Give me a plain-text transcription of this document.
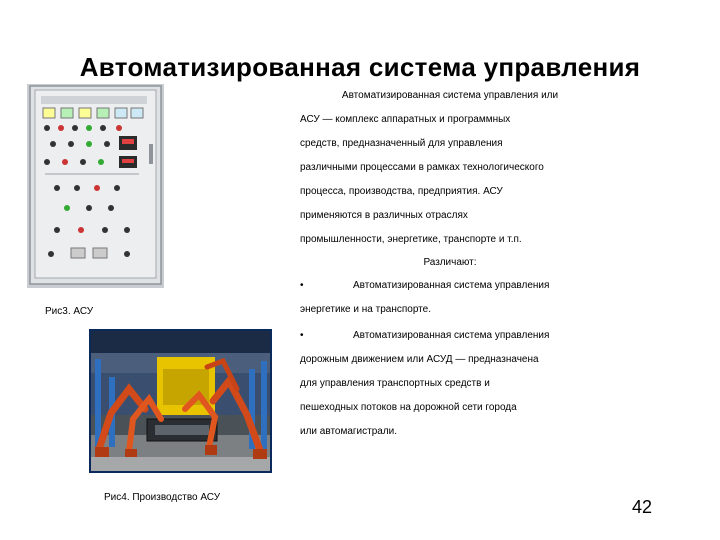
Автоматизированная система управления
Рис3. АСУ
Рис4. Производство АСУ
Автоматизированная система управления или
АСУ — комплекс аппаратных и программных
средств, предназначенный для управления
различными процессами в рамках технологического
процесса, производства, предприятия. АСУ
применяются в различных отраслях
промышленности, энергетике, транспорте и т.п.
Различают:
•	Автоматизированная система управления
энергетике и на транспорте.
•	Автоматизированная система управления
дорожным движением или АСУД — предназначена
для управления транспортных средств и
пешеходных потоков на дорожной сети города
или автомагистрали.
42
